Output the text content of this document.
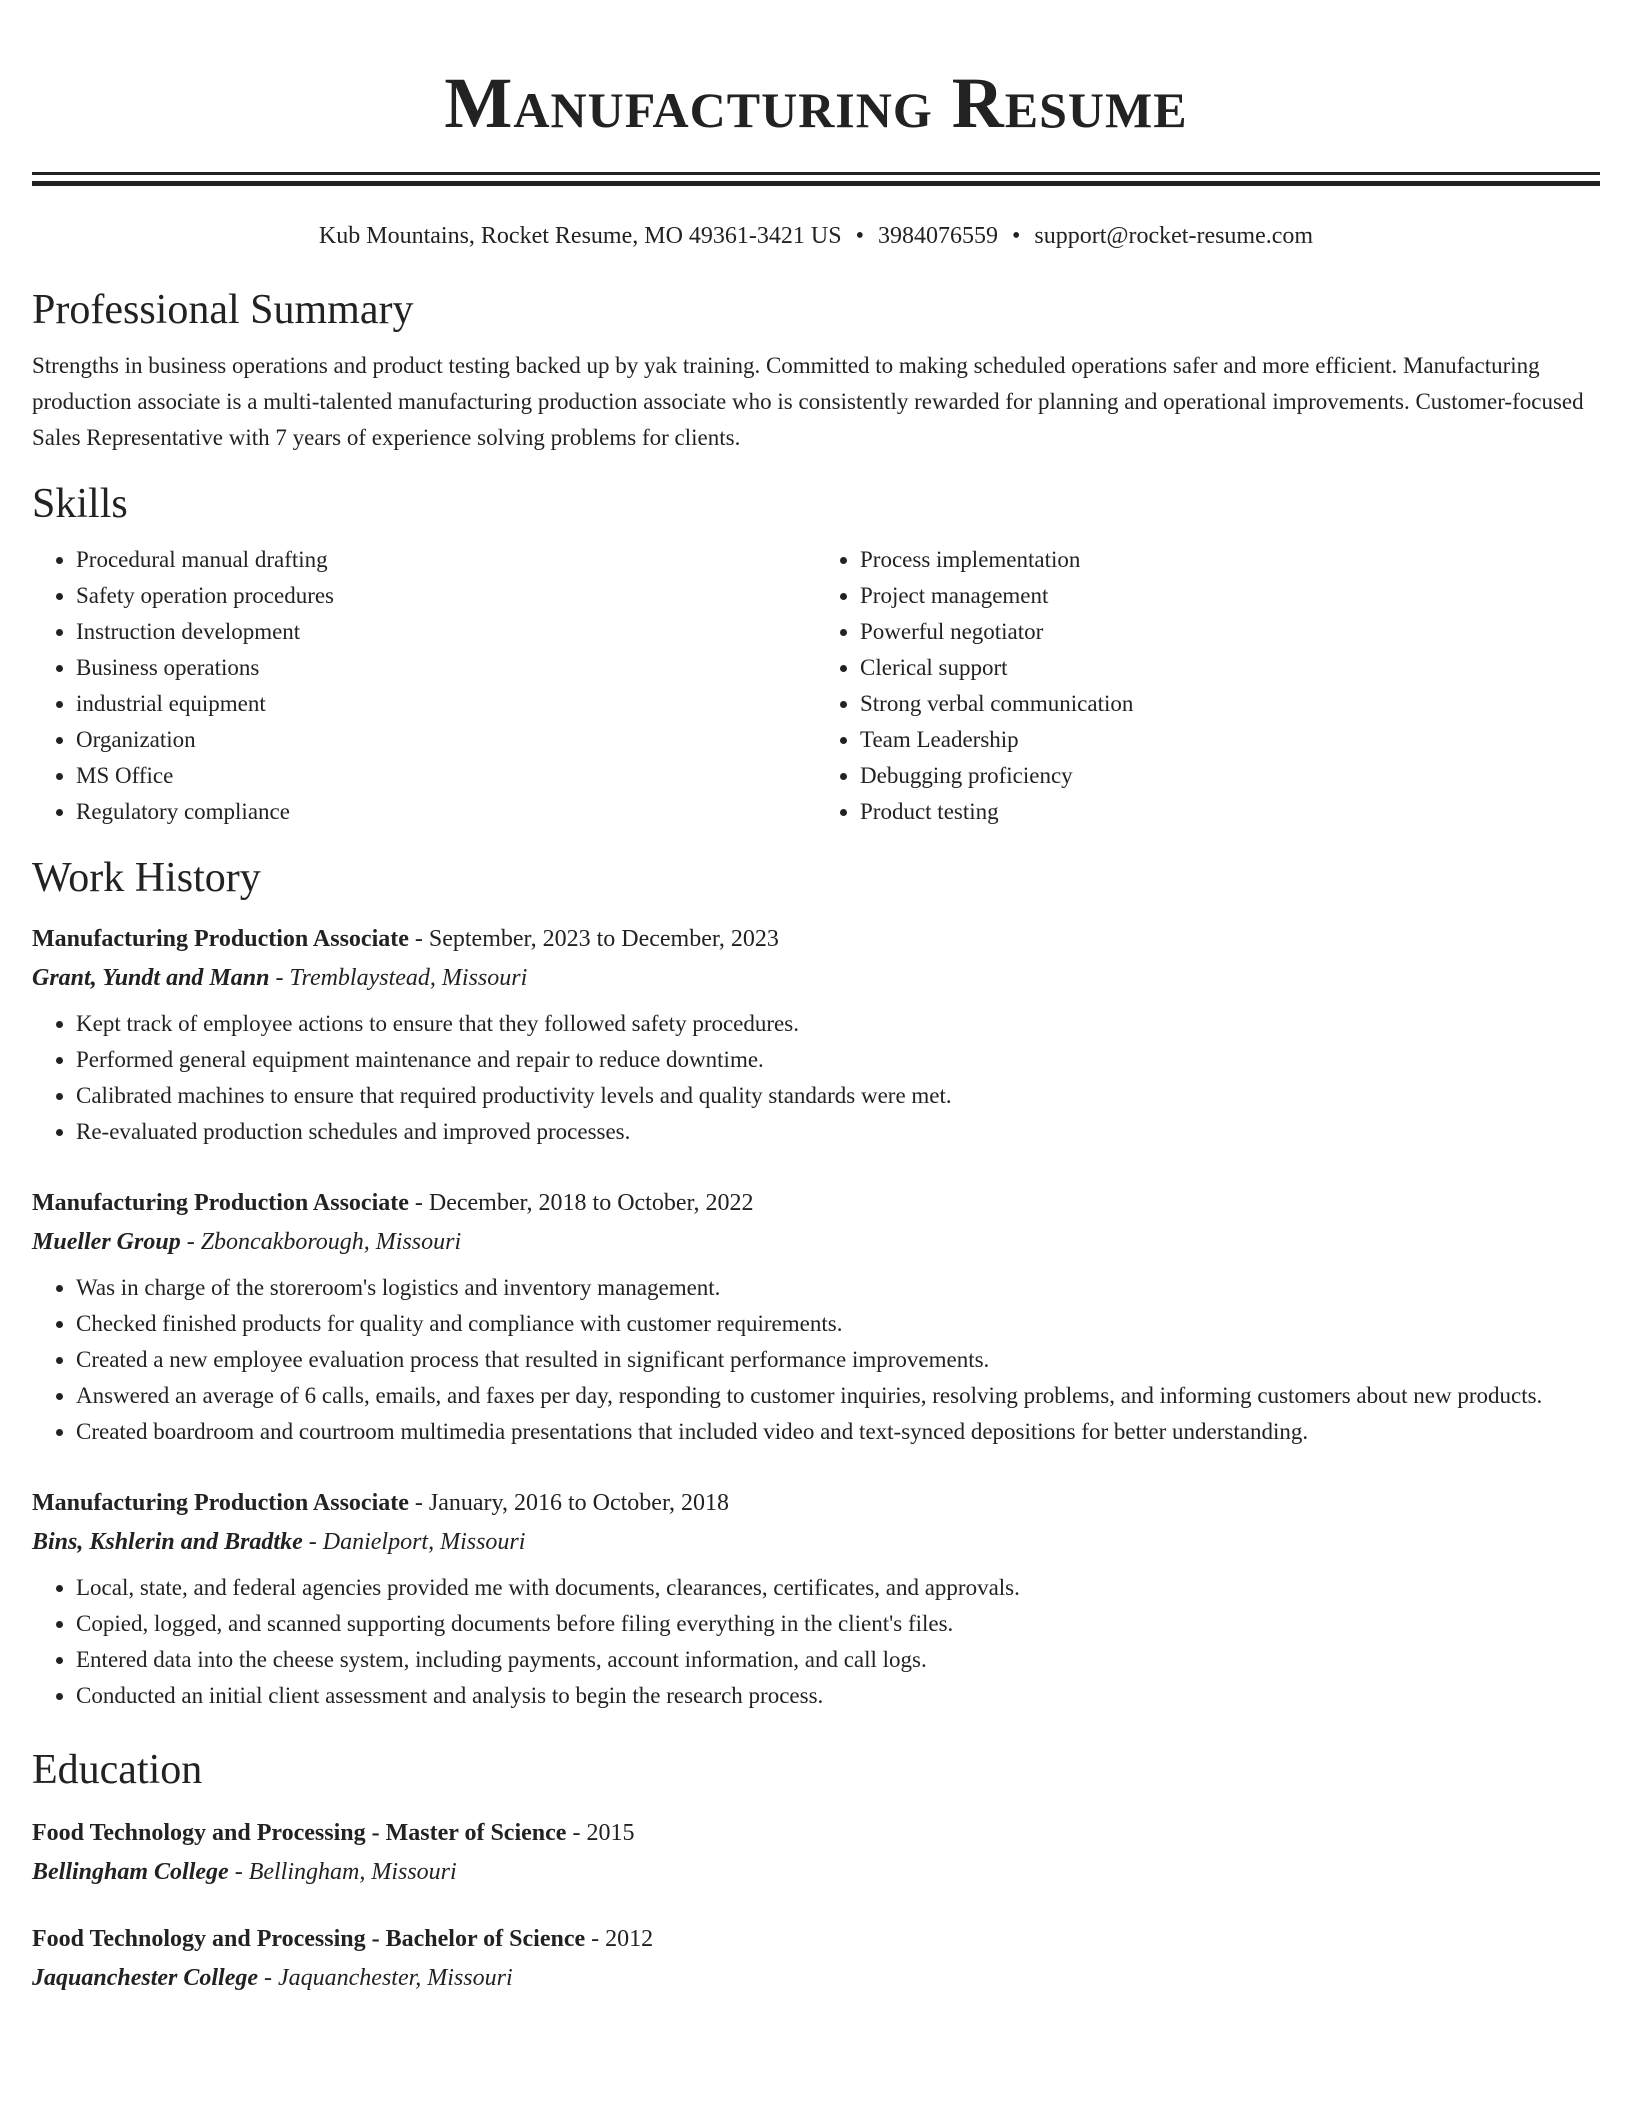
Manufacturing Resume
Kub Mountains, Rocket Resume, MO 49361-3421 US • 3984076559 • support@rocket-resume.com
Professional Summary

Strengths in business operations and product testing backed up by yak training. Committed to making scheduled operations safer and more efficient. Manufacturing production associate is a multi-talented manufacturing production associate who is consistently rewarded for planning and operational improvements. Customer-focused Sales Representative with 7 years of experience solving problems for clients.

Skills
• Procedural manual drafting
• Safety operation procedures
• Instruction development
• Business operations
• industrial equipment
• Organization
• MS Office
• Regulatory compliance
• Process implementation
• Project management
• Powerful negotiator
• Clerical support
• Strong verbal communication
• Team Leadership
• Debugging proficiency
• Product testing
Work History
Manufacturing Production Associate - September, 2023 to December, 2023
Grant, Yundt and Mann - Tremblaystead, Missouri
• Kept track of employee actions to ensure that they followed safety procedures.
• Performed general equipment maintenance and repair to reduce downtime.
• Calibrated machines to ensure that required productivity levels and quality standards were met.
• Re-evaluated production schedules and improved processes.
Manufacturing Production Associate - December, 2018 to October, 2022
Mueller Group - Zboncakborough, Missouri
• Was in charge of the storeroom's logistics and inventory management.
• Checked finished products for quality and compliance with customer requirements.
• Created a new employee evaluation process that resulted in significant performance improvements.
• Answered an average of 6 calls, emails, and faxes per day, responding to customer inquiries, resolving problems, and informing customers about new products.
• Created boardroom and courtroom multimedia presentations that included video and text-synced depositions for better understanding.
Manufacturing Production Associate - January, 2016 to October, 2018
Bins, Kshlerin and Bradtke - Danielport, Missouri
• Local, state, and federal agencies provided me with documents, clearances, certificates, and approvals.
• Copied, logged, and scanned supporting documents before filing everything in the client's files.
• Entered data into the cheese system, including payments, account information, and call logs.
• Conducted an initial client assessment and analysis to begin the research process.
Education
Food Technology and Processing - Master of Science - 2015
Bellingham College - Bellingham, Missouri
Food Technology and Processing - Bachelor of Science - 2012
Jaquanchester College - Jaquanchester, Missouri
